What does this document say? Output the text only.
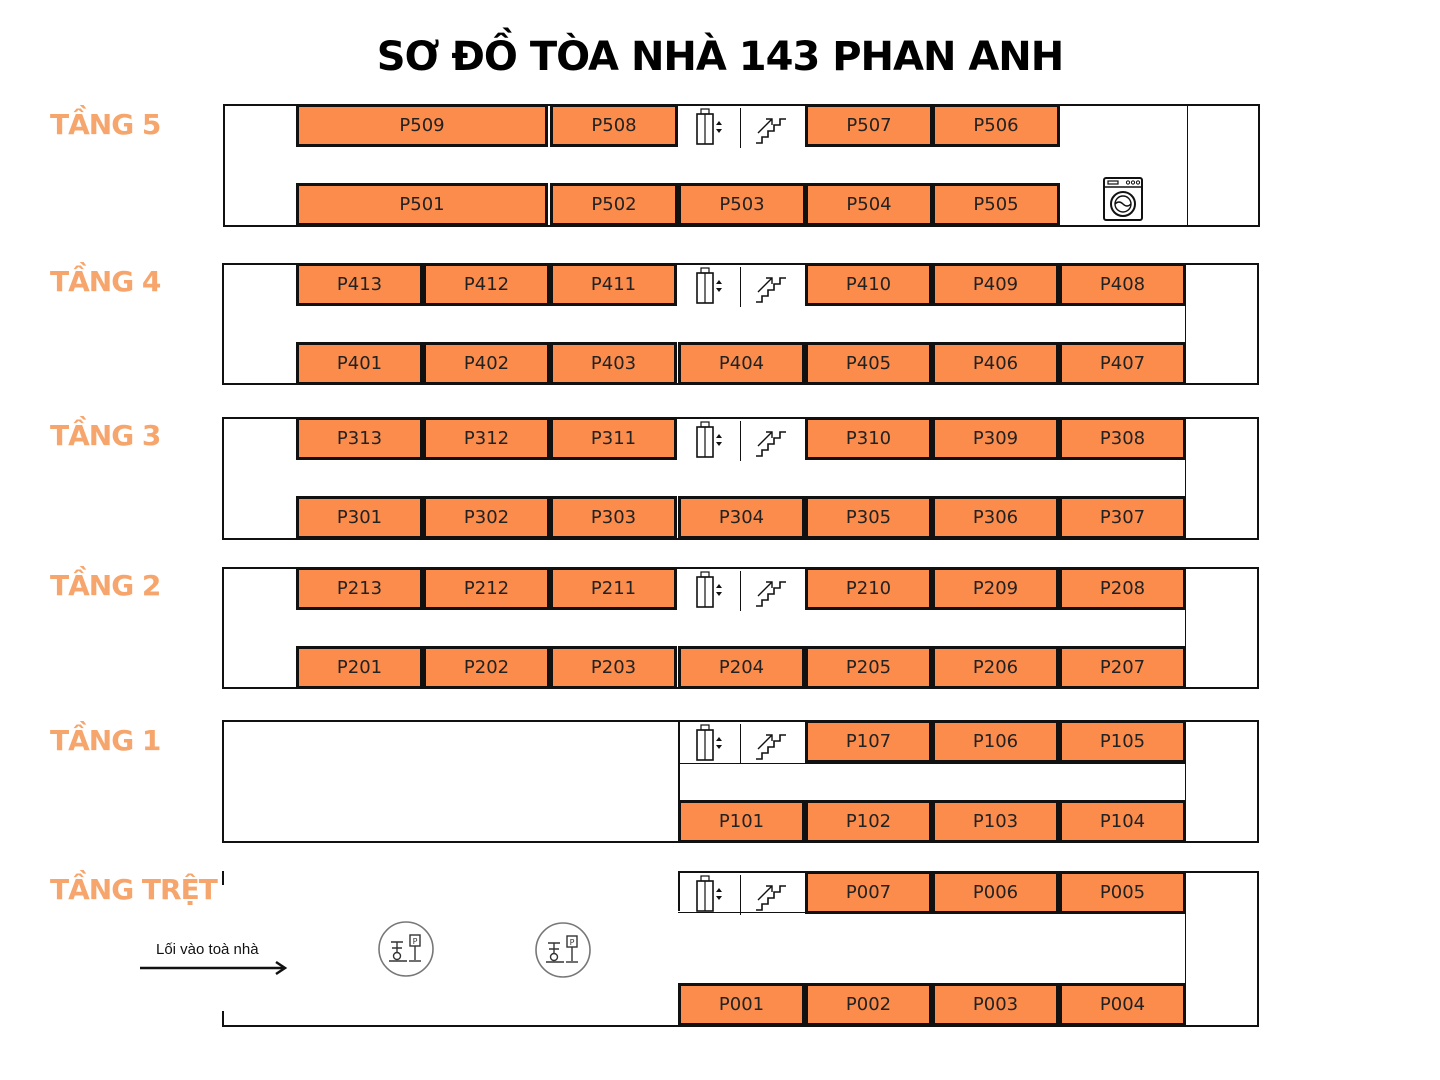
SƠ ĐỒ TÒA NHÀ 143 PHAN ANH
Lối vào toà nhà
TẦNG 5	P509	P508	P507	P506
P501	P502	P503	P504	P505
TẦNG 4	P413	P412	P411	P410	P409	P408
P401	P402	P403	P404	P405	P406	P407
TẦNG 3	P313	P312	P311	P310	P309	P308
P301	P302	P303	P304	P305	P306	P307
TẦNG 2	P213	P212	P211	P210	P209	P208
P201	P202	P203	P204	P205	P206	P207
TẦNG 1	P107	P106	P105
P101	P102	P103	P104
TẦNG TRỆT	P007	P006	P005
P001	P002	P003	P004
P	P
